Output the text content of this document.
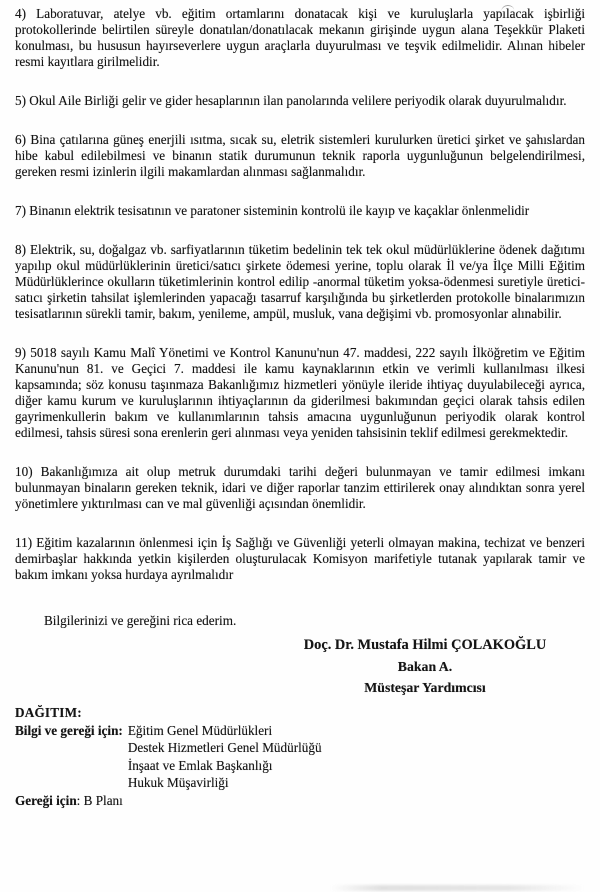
4) Laboratuvar, atelye vb. eğitim ortamlarını donatacak kişi ve kuruluşlarla yapılacak işbirliği protokollerinde belirtilen süreyle donatılan/donatılacak mekanın girişinde uygun alana Teşekkür Plaketi konulması, bu hususun hayırseverlere uygun araçlarla duyurulması ve teşvik edilmelidir. Alınan hibeler resmi kayıtlara girilmelidir.

5) Okul Aile Birliği gelir ve gider hesaplarının ilan panolarında velilere periyodik olarak duyurulmalıdır.

6) Bina çatılarına güneş enerjili ısıtma, sıcak su, eletrik sistemleri kurulurken üretici şirket ve şahıslardan hibe kabul edilebilmesi ve binanın statik durumunun teknik raporla uygunluğunun belgelendirilmesi, gereken resmi izinlerin ilgili makamlardan alınması sağlanmalıdır.

7) Binanın elektrik tesisatının ve paratoner sisteminin kontrolü ile kayıp ve kaçaklar önlenmelidir

8) Elektrik, su, doğalgaz vb. sarfiyatlarının tüketim bedelinin tek tek okul müdürlüklerine ödenek dağıtımı yapılıp okul müdürlüklerinin üretici/satıcı şirkete ödemesi yerine, toplu olarak İl ve/ya İlçe Milli Eğitim Müdürlüklerince okulların tüketimlerinin kontrol edilip -anormal tüketim yoksa-ödenmesi suretiyle üretici- satıcı şirketin tahsilat işlemlerinden yapacağı tasarruf karşılığında bu şirketlerden protokolle binalarımızın tesisatlarının sürekli tamir, bakım, yenileme, ampül, musluk, vana değişimi vb. promosyonlar alınabilir.

9) 5018 sayılı Kamu Malî Yönetimi ve Kontrol Kanunu'nun 47. maddesi, 222 sayılı İlköğretim ve Eğitim Kanunu'nun 81. ve Geçici 7. maddesi ile kamu kaynaklarının etkin ve verimli kullanılması ilkesi kapsamında; söz konusu taşınmaza Bakanlığımız hizmetleri yönüyle ileride ihtiyaç duyulabileceği ayrıca, diğer kamu kurum ve kuruluşlarının ihtiyaçlarının da giderilmesi bakımından geçici olarak tahsis edilen gayrimenkullerin bakım ve kullanımlarının tahsis amacına uygunluğunun periyodik olarak kontrol edilmesi, tahsis süresi sona erenlerin geri alınması veya yeniden tahsisinin teklif edilmesi gerekmektedir.

10) Bakanlığımıza ait olup metruk durumdaki tarihi değeri bulunmayan ve tamir edilmesi imkanı bulunmayan binaların gereken teknik, idari ve diğer raporlar tanzim ettirilerek onay alındıktan sonra yerel yönetimlere yıktırılması can ve mal güvenliği açısından önemlidir.

11) Eğitim kazalarının önlenmesi için İş Sağlığı ve Güvenliği yeterli olmayan makina, techizat ve benzeri demirbaşlar hakkında yetkin kişilerden oluşturulacak Komisyon marifetiyle tutanak yapılarak tamir ve bakım imkanı yoksa hurdaya ayrılmalıdır

Bilgilerinizi ve gereğini rica ederim.

Doç. Dr. Mustafa Hilmi ÇOLAKOĞLU
Bakan A.
Müsteşar Yardımcısı
DAĞITIM:
Bilgi ve gereği için: Eğitim Genel Müdürlükleri
Destek Hizmetleri Genel Müdürlüğü
İnşaat ve Emlak Başkanlığı
Hukuk Müşavirliği
Gereği için: B Planı
